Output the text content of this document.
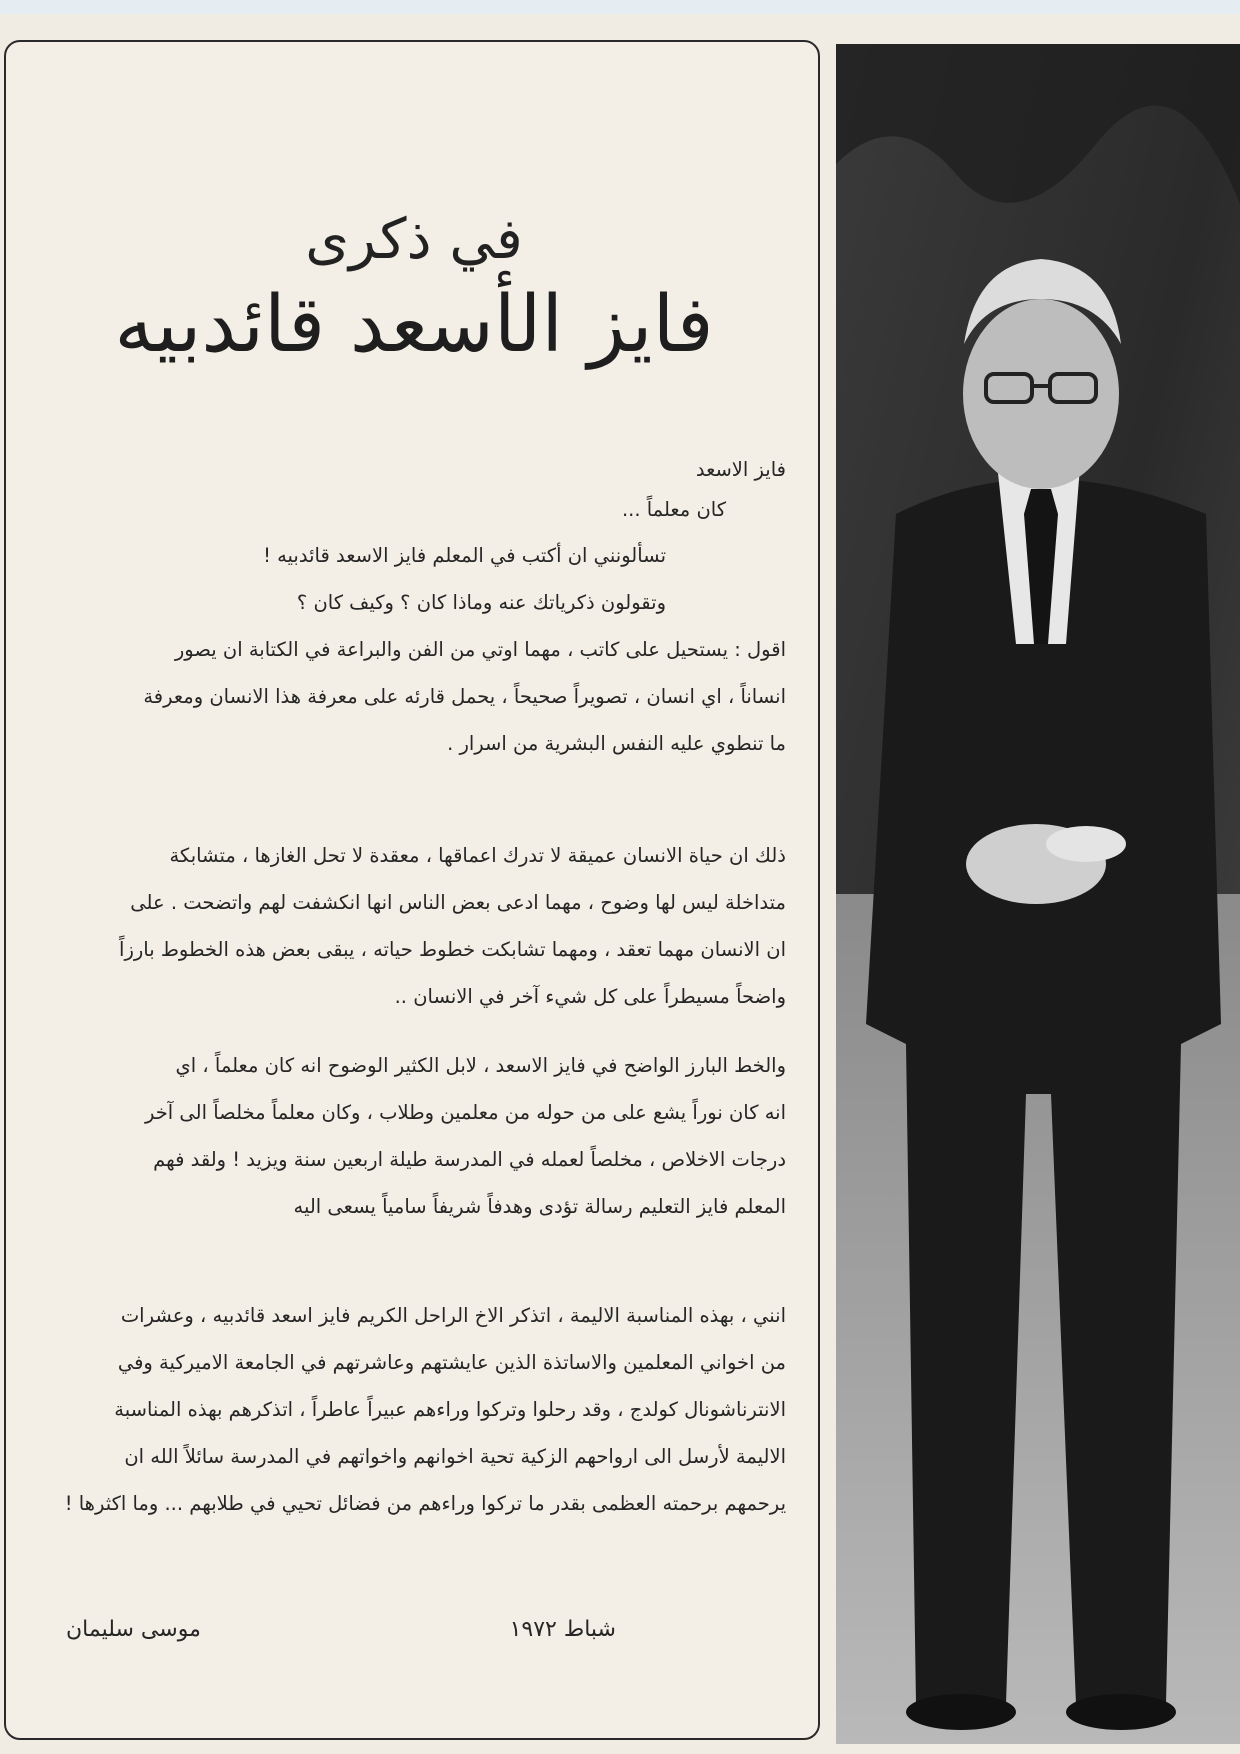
في ذكرى
فايز الأسعد قائدبيه

فايز الاسعد

كان معلماً ...

تسألونني ان أكتب في المعلم فايز الاسعد قائدبيه !

وتقولون ذكرياتك عنه وماذا كان ؟ وكيف كان ؟

اقول : يستحيل على كاتب ، مهما اوتي من الفن والبراعة في الكتابة ان يصور

انساناً ، اي انسان ، تصويراً صحيحاً ، يحمل قارئه على معرفة هذا الانسان ومعرفة

ما تنطوي عليه النفس البشرية من اسرار .

ذلك ان حياة الانسان عميقة لا تدرك اعماقها ، معقدة لا تحل الغازها ، متشابكة

متداخلة ليس لها وضوح ، مهما ادعى بعض الناس انها انكشفت لهم واتضحت . على

ان الانسان مهما تعقد ، ومهما تشابكت خطوط حياته ، يبقى بعض هذه الخطوط بارزاً

واضحاً مسيطراً على كل شيء آخر في الانسان ..

والخط البارز الواضح في فايز الاسعد ، لابل الكثير الوضوح انه كان معلماً ، اي

انه كان نوراً يشع على من حوله من معلمين وطلاب ، وكان معلماً مخلصاً الى آخر

درجات الاخلاص ، مخلصاً لعمله في المدرسة طيلة اربعين سنة ويزيد ! ولقد فهم

المعلم فايز التعليم رسالة تؤدى وهدفاً شريفاً سامياً يسعى اليه

انني ، بهذه المناسبة الاليمة ، اتذكر الاخ الراحل الكريم فايز اسعد قائدبيه ، وعشرات

من اخواني المعلمين والاساتذة الذين عايشتهم وعاشرتهم في الجامعة الاميركية وفي

الانترناشونال كولدج ، وقد رحلوا وتركوا وراءهم عبيراً عاطراً ، اتذكرهم بهذه المناسبة

الاليمة لأرسل الى ارواحهم الزكية تحية اخوانهم واخواتهم في المدرسة سائلاً الله ان

يرحمهم برحمته العظمى بقدر ما تركوا وراءهم من فضائل تحيي في طلابهم ... وما اكثرها !

شباط ١٩٧٢
موسى سليمان
